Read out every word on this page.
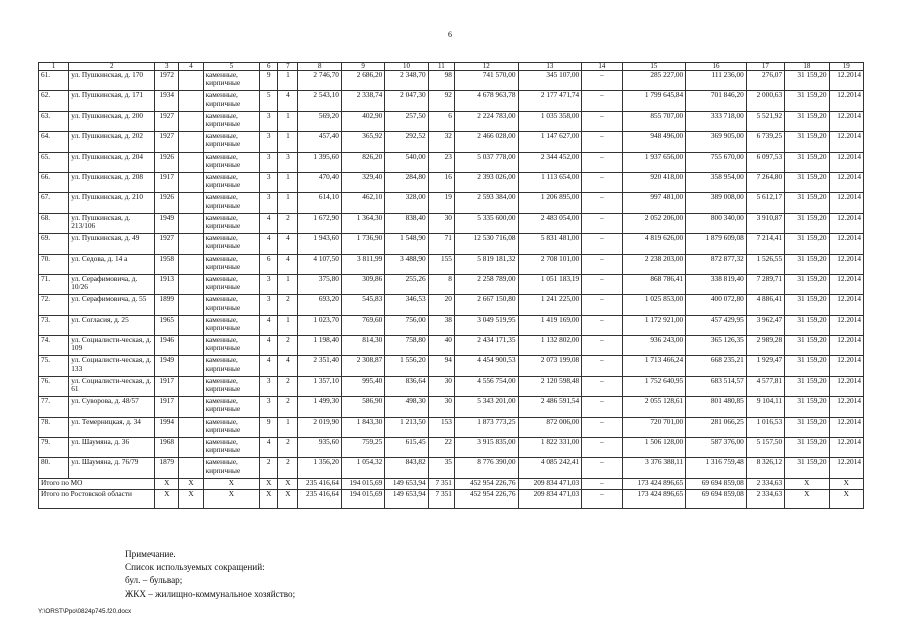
6
1	2	3	4	5	6	7	8	9	10	11	12	13	14	15	16	17	18	19
61.	ул. Пушкинская, д. 170	1972		каменные, кирпичные	9	1	2 746,70	2 686,20	2 348,70	98	741 570,00	345 107,00	–	285 227,00	111 236,00	276,07	31 159,20	12.2014
62.	ул. Пушкинская, д. 171	1934		каменные, кирпичные	5	4	2 543,10	2 338,74	2 047,30	92	4 678 963,78	2 177 471,74	–	1 799 645,84	701 846,20	2 000,63	31 159,20	12.2014
63.	ул. Пушкинская, д. 200	1927		каменные, кирпичные	3	1	569,20	402,90	257,50	6	2 224 783,00	1 035 358,00	–	855 707,00	333 718,00	5 521,92	31 159,20	12.2014
64.	ул. Пушкинская, д. 202	1927		каменные, кирпичные	3	1	457,40	365,92	292,52	32	2 466 028,00	1 147 627,00	–	948 496,00	369 905,00	6 739,25	31 159,20	12.2014
65.	ул. Пушкинская, д. 204	1926		каменные, кирпичные	3	3	1 395,60	826,20	540,00	23	5 037 778,00	2 344 452,00	–	1 937 656,00	755 670,00	6 097,53	31 159,20	12.2014
66.	ул. Пушкинская, д. 208	1917		каменные, кирпичные	3	1	470,40	329,40	284,80	16	2 393 026,00	1 113 654,00	–	920 418,00	358 954,00	7 264,80	31 159,20	12.2014
67.	ул. Пушкинская, д. 210	1926		каменные, кирпичные	3	1	614,10	462,10	328,00	19	2 593 384,00	1 206 895,00	–	997 481,00	389 008,00	5 612,17	31 159,20	12.2014
68.	ул. Пушкинская, д. 213/106	1949		каменные, кирпичные	4	2	1 672,90	1 364,30	838,40	30	5 335 600,00	2 483 054,00	–	2 052 206,00	800 340,00	3 910,87	31 159,20	12.2014
69.	ул. Пушкинская, д. 49	1927		каменные, кирпичные	4	4	1 943,60	1 736,90	1 548,90	71	12 530 716,08	5 831 481,00	–	4 819 626,00	1 879 609,08	7 214,41	31 159,20	12.2014
70.	ул. Седова, д. 14 а	1958		каменные, кирпичные	6	4	4 107,50	3 811,99	3 488,90	155	5 819 181,32	2 708 101,00	–	2 238 203,00	872 877,32	1 526,55	31 159,20	12.2014
71.	ул. Серафимовича, д. 10/26	1913		каменные, кирпичные	3	1	375,80	309,86	255,26	8	2 258 789,00	1 051 183,19	–	868 786,41	338 819,40	7 289,71	31 159,20	12.2014
72.	ул. Серафимовича, д. 55	1899		каменные, кирпичные	3	2	693,20	545,83	346,53	20	2 667 150,80	1 241 225,00	–	1 025 853,00	400 072,80	4 886,41	31 159,20	12.2014
73.	ул. Согласия, д. 25	1965		каменные, кирпичные	4	1	1 023,70	769,60	756,00	38	3 049 519,95	1 419 169,00	–	1 172 921,00	457 429,95	3 962,47	31 159,20	12.2014
74.	ул. Социалисти-ческая, д. 109	1946		каменные, кирпичные	4	2	1 198,40	814,30	758,80	40	2 434 171,35	1 132 802,00	–	936 243,00	365 126,35	2 989,28	31 159,20	12.2014
75.	ул. Социалисти-ческая, д. 133	1949		каменные, кирпичные	4	4	2 351,40	2 308,87	1 556,20	94	4 454 900,53	2 073 199,08	–	1 713 466,24	668 235,21	1 929,47	31 159,20	12.2014
76.	ул. Социалисти-ческая, д. 61	1917		каменные, кирпичные	3	2	1 357,10	995,40	836,64	30	4 556 754,00	2 120 598,48	–	1 752 640,95	683 514,57	4 577,81	31 159,20	12.2014
77.	ул. Суворова, д. 48/57	1917		каменные, кирпичные	3	2	1 499,30	586,90	498,30	30	5 343 201,00	2 486 591,54	–	2 055 128,61	801 480,85	9 104,11	31 159,20	12.2014
78.	ул. Темерницкая, д. 34	1994		каменные, кирпичные	9	1	2 019,90	1 843,30	1 213,50	153	1 873 773,25	872 006,00	–	720 701,00	281 066,25	1 016,53	31 159,20	12.2014
79.	ул. Шаумяна, д. 36	1968		каменные, кирпичные	4	2	935,60	759,25	615,45	22	3 915 835,00	1 822 331,00	–	1 506 128,00	587 376,00	5 157,50	31 159,20	12.2014
80.	ул. Шаумяна, д. 76/79	1879		каменные, кирпичные	2	2	1 356,20	1 054,32	843,82	35	8 776 390,00	4 085 242,41	–	3 376 388,11	1 316 759,48	8 326,12	31 159,20	12.2014
Итого по МО		X	X	X	X	X	235 416,64	194 015,69	149 653,94	7 351	452 954 226,76	209 834 471,03	–	173 424 896,65	69 694 859,08	2 334,63	X	X
Итого по Ростовской области		X	X	X	X	X	235 416,64	194 015,69	149 653,94	7 351	452 954 226,76	209 834 471,03	–	173 424 896,65	69 694 859,08	2 334,63	X	X
Примечание.
Список используемых сокращений:
бул. – бульвар;
ЖКХ – жилищно-коммунальное хозяйство;
Y:\ORST\Ppo\0824p745.f20.docx
